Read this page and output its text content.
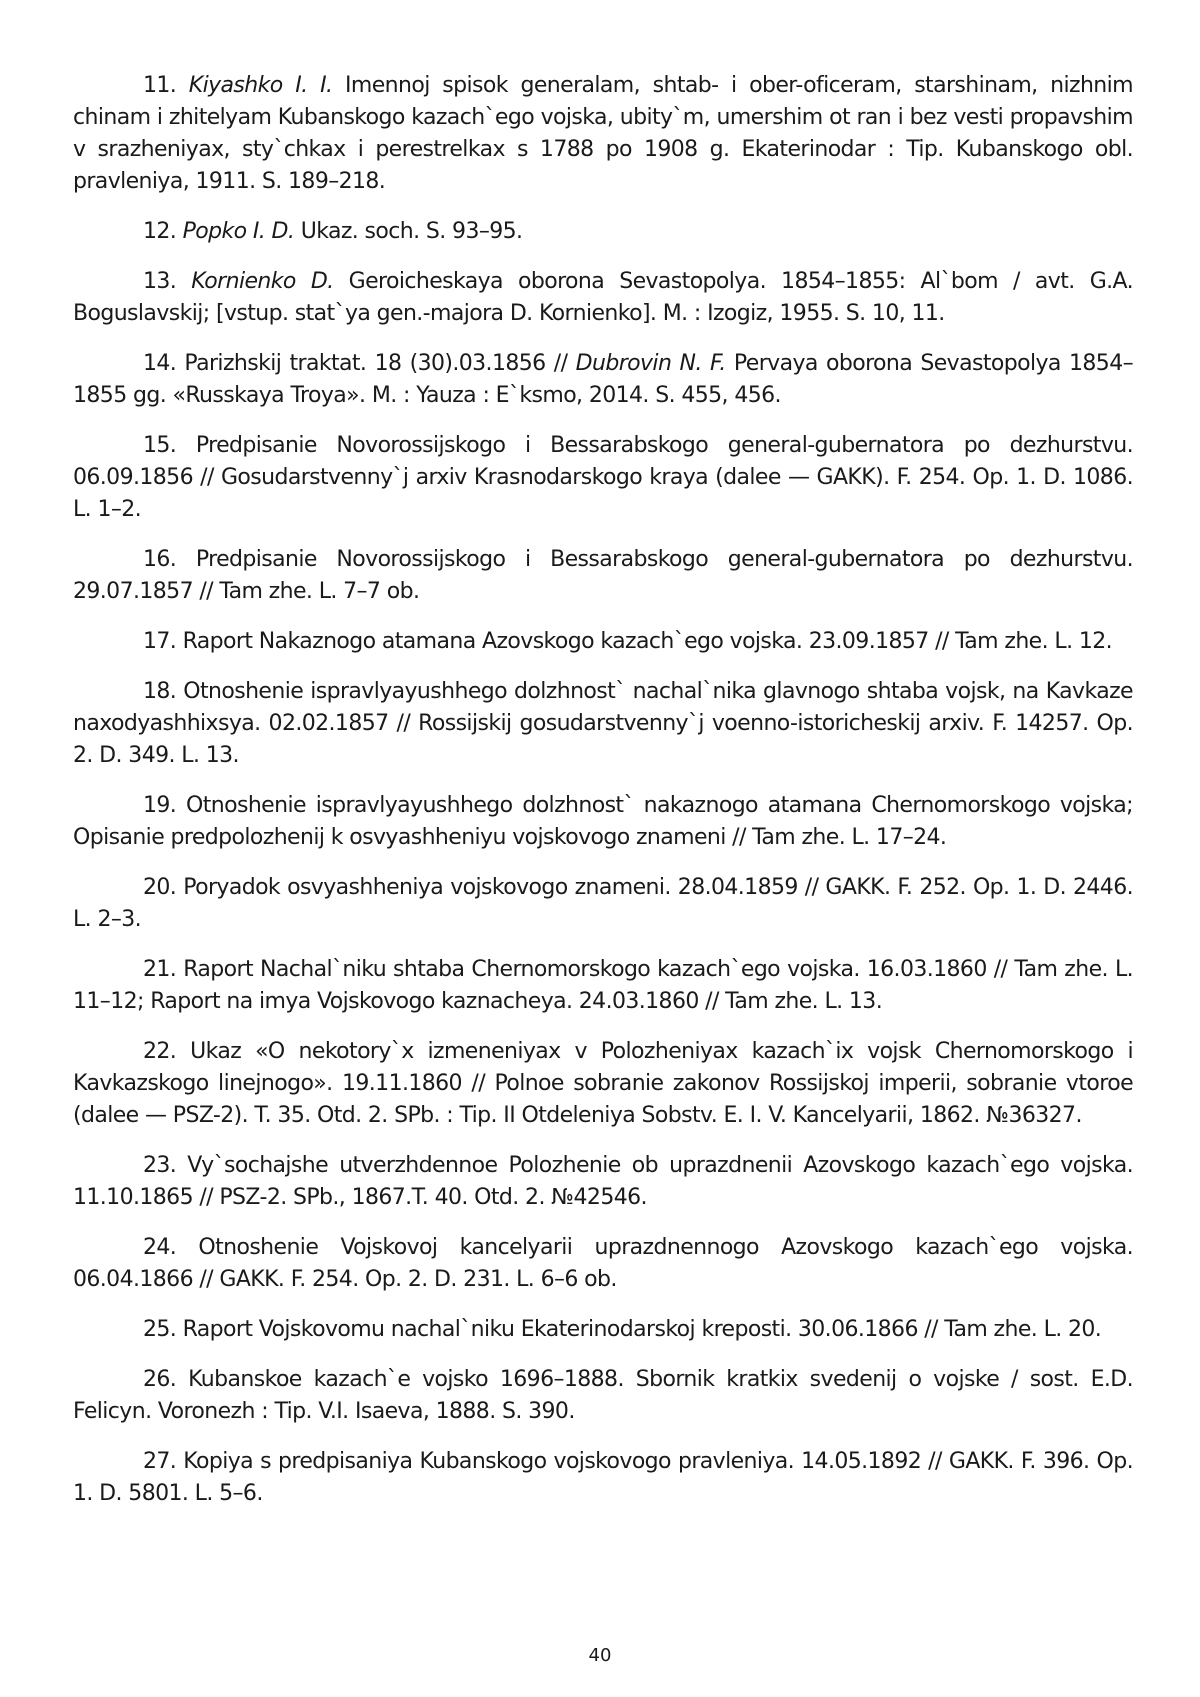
11. Kiyashko I. I. Imennoj spisok generalam, shtab- i ober-oficeram, starshinam, nizhnim chinam i zhitelyam Kubanskogo kazach`ego vojska, ubity`m, umershim ot ran i bez vesti propavshim v srazheniyax, sty`chkax i perestrelkax s 1788 po 1908 g. Ekaterinodar : Tip. Kubanskogo obl. pravleniya, 1911. S. 189–218.

12. Popko I. D. Ukaz. soch. S. 93–95.

13. Kornienko D. Geroicheskaya oborona Sevastopolya. 1854–1855: Al`bom / avt. G.A. Boguslavskij; [vstup. stat`ya gen.-majora D. Kornienko]. M. : Izogiz, 1955. S. 10, 11.

14. Parizhskij traktat. 18 (30).03.1856 // Dubrovin N. F. Pervaya oborona Sevastopolya 1854–1855 gg. «Russkaya Troya». M. : Yauza : E`ksmo, 2014. S. 455, 456.

15. Predpisanie Novorossijskogo i Bessarabskogo general-gubernatora po dezhurstvu. 06.09.1856 // Gosudarstvenny`j arxiv Krasnodarskogo kraya (dalee — GAKK). F. 254. Op. 1. D. 1086. L. 1–2.

16. Predpisanie Novorossijskogo i Bessarabskogo general-gubernatora po dezhurstvu. 29.07.1857 // Tam zhe. L. 7–7 ob.

17. Raport Nakaznogo atamana Azovskogo kazach`ego vojska. 23.09.1857 // Tam zhe. L. 12.

18. Otnoshenie ispravlyayushhego dolzhnost` nachal`nika glavnogo shtaba vojsk, na Kavkaze naxodyashhixsya. 02.02.1857 // Rossijskij gosudarstvenny`j voenno-istoricheskij arxiv. F. 14257. Op. 2. D. 349. L. 13.

19. Otnoshenie ispravlyayushhego dolzhnost` nakaznogo atamana Chernomorskogo vojska; Opisanie predpolozhenij k osvyashheniyu vojskovogo znameni // Tam zhe. L. 17–24.

20. Poryadok osvyashheniya vojskovogo znameni. 28.04.1859 // GAKK. F. 252. Op. 1. D. 2446. L. 2–3.

21. Raport Nachal`niku shtaba Chernomorskogo kazach`ego vojska. 16.03.1860 // Tam zhe. L. 11–12; Raport na imya Vojskovogo kaznacheya. 24.03.1860 // Tam zhe. L. 13.

22. Ukaz «O nekotory`x izmeneniyax v Polozheniyax kazach`ix vojsk Chernomorskogo i Kavkazskogo linejnogo». 19.11.1860 // Polnoe sobranie zakonov Rossijskoj imperii, sobranie vtoroe (dalee — PSZ-2). T. 35. Otd. 2. SPb. : Tip. II Otdeleniya Sobstv. E. I. V. Kancelyarii, 1862. №36327.

23. Vy`sochajshe utverzhdennoe Polozhenie ob uprazdnenii Azovskogo kazach`ego vojska. 11.10.1865 // PSZ-2. SPb., 1867.T. 40. Otd. 2. №42546.

24. Otnoshenie Vojskovoj kancelyarii uprazdnennogo Azovskogo kazach`ego vojska. 06.04.1866 // GAKK. F. 254. Op. 2. D. 231. L. 6–6 ob.

25. Raport Vojskovomu nachal`niku Ekaterinodarskoj kreposti. 30.06.1866 // Tam zhe. L. 20.

26. Kubanskoe kazach`e vojsko 1696–1888. Sbornik kratkix svedenij o vojske / sost. E.D. Felicyn. Voronezh : Tip. V.I. Isaeva, 1888. S. 390.

27. Kopiya s predpisaniya Kubanskogo vojskovogo pravleniya. 14.05.1892 // GAKK. F. 396. Op. 1. D. 5801. L. 5–6.

40
